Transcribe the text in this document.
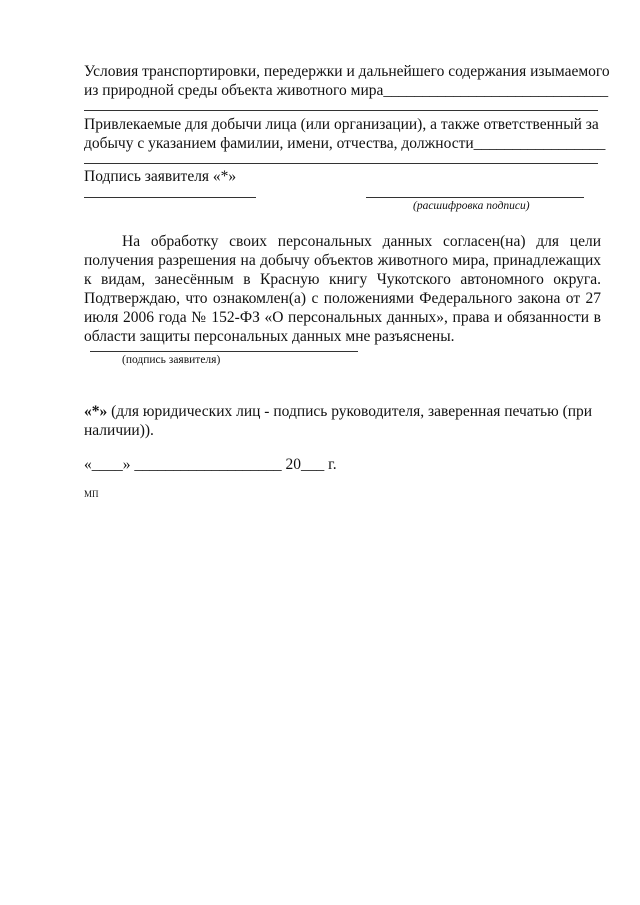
Условия транспортировки, передержки и дальнейшего содержания изымаемого
из природной среды объекта животного мира_____________________________
Привлекаемые для добычи лица (или организации), а также ответственный за
добычу с указанием фамилии, имени, отчества, должности_________________
Подпись заявителя «*»
(расшифровка подписи)
На обработку своих персональных данных согласен(на) для цели получения разрешения на добычу объектов животного мира, принадлежащих к видам, занесённым в Красную книгу Чукотского автономного округа. Подтверждаю, что ознакомлен(а) с положениями Федерального закона от 27 июля 2006 года № 152-ФЗ «О персональных данных», права и обязанности в области защиты персональных данных мне разъяснены.
(подпись заявителя)
«*» (для юридических лиц - подпись руководителя, заверенная печатью (при
наличии)).
«____» ___________________ 20___ г.
МП
